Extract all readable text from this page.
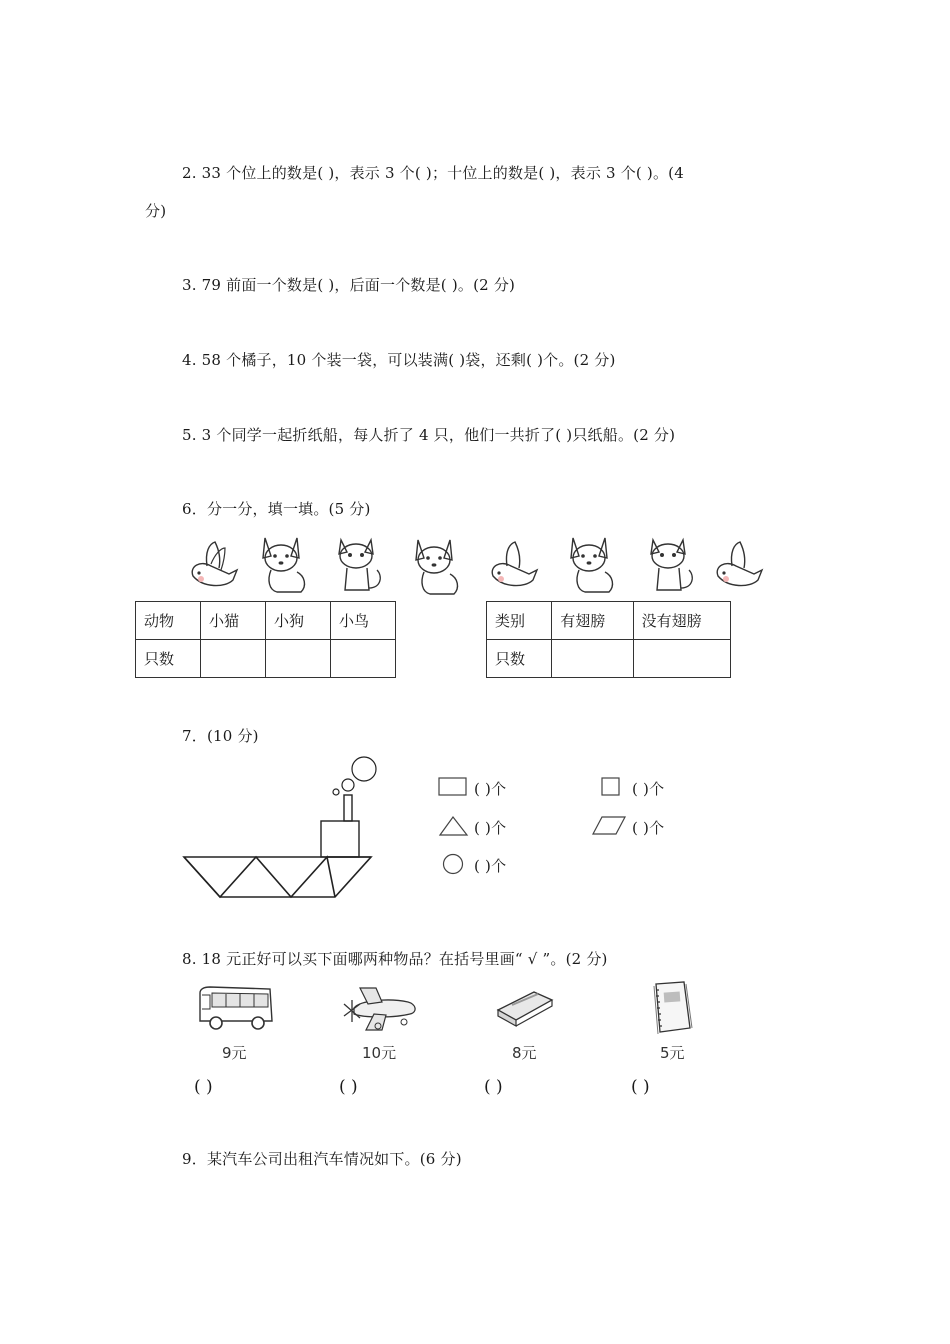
2. 33 个位上的数是( )，表示 3 个( )；十位上的数是( )，表示 3 个( )。(4
分)
3. 79 前面一个数是( )，后面一个数是( )。(2 分)
4. 58 个橘子，10 个装一袋，可以装满( )袋，还剩( )个。(2 分)
5. 3 个同学一起折纸船，每人折了 4 只，他们一共折了( )只纸船。(2 分)
6．分一分，填一填。(5 分)
动物	小猫	小狗	小鸟
只数			
类别	有翅膀	没有翅膀
只数		
7．(10 分)
( )个	( )个
( )个	( )个
( )个
8. 18 元正好可以买下面哪两种物品？在括号里画“ √ ”。(2 分)
9元	10元	8元	5元
( )	( )	( )	( )
9．某汽车公司出租汽车情况如下。(6 分)
